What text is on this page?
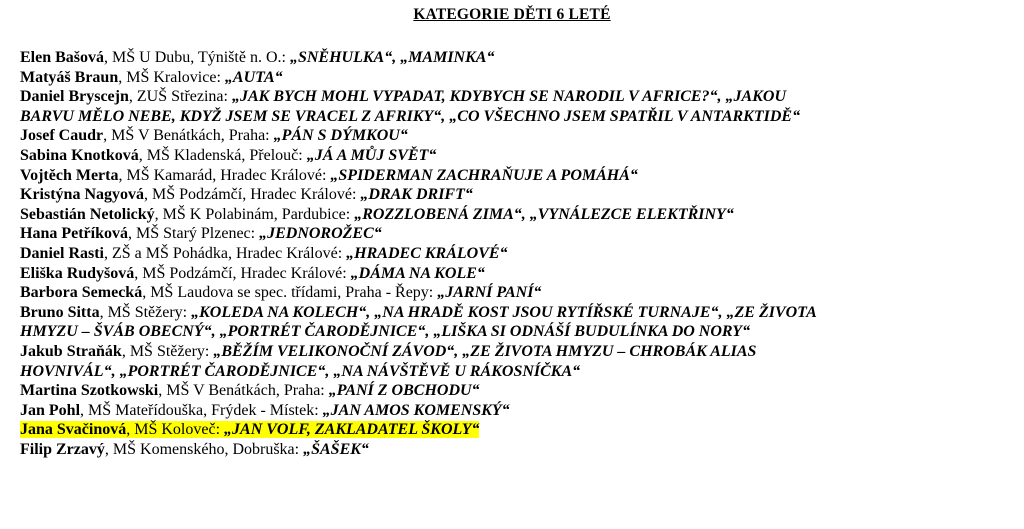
KATEGORIE DĚTI 6 LETÉ
Elen Bašová, MŠ U Dubu, Týniště n. O.: „SNĚHULKA“, „MAMINKA“
Matyáš Braun, MŠ Kralovice: „AUTA“
Daniel Bryscejn, ZUŠ Střezina: „JAK BYCH MOHL VYPADAT, KDYBYCH SE NARODIL V AFRICE?“, „JAKOU
BARVU MĚLO NEBE, KDYŽ JSEM SE VRACEL Z AFRIKY“, „CO VŠECHNO JSEM SPATŘIL V ANTARKTIDĚ“
Josef Caudr, MŠ V Benátkách, Praha: „PÁN S DÝMKOU“
Sabina Knotková, MŠ Kladenská, Přelouč: „JÁ A MŮJ SVĚT“
Vojtěch Merta, MŠ Kamarád, Hradec Králové: „SPIDERMAN ZACHRAŇUJE A POMÁHÁ“
Kristýna Nagyová, MŠ Podzámčí, Hradec Králové: „DRAK DRIFT“
Sebastián Netolický, MŠ K Polabinám, Pardubice: „ROZZLOBENÁ ZIMA“, „VYNÁLEZCE ELEKTŘINY“
Hana Petříková, MŠ Starý Plzenec: „JEDNOROŽEC“
Daniel Rasti, ZŠ a MŠ Pohádka, Hradec Králové: „HRADEC KRÁLOVÉ“
Eliška Rudyšová, MŠ Podzámčí, Hradec Králové: „DÁMA NA KOLE“
Barbora Semecká, MŠ Laudova se spec. třídami, Praha - Řepy: „JARNÍ PANÍ“
Bruno Sitta, MŠ Stěžery: „KOLEDA NA KOLECH“, „NA HRADĚ KOST JSOU RYTÍŘSKÉ TURNAJE“, „ZE ŽIVOTA
HMYZU – ŠVÁB OBECNÝ“, „PORTRÉT ČARODĚJNICE“, „LIŠKA SI ODNÁŠÍ BUDULÍNKA DO NORY“
Jakub Straňák, MŠ Stěžery: „BĚŽÍM VELIKONOČNÍ ZÁVOD“, „ZE ŽIVOTA HMYZU – CHROBÁK ALIAS
HOVNIVÁL“, „PORTRÉT ČARODĚJNICE“, „NA NÁVŠTĚVĚ U RÁKOSNÍČKA“
Martina Szotkowski, MŠ V Benátkách, Praha: „PANÍ Z OBCHODU“
Jan Pohl, MŠ Mateřídouška, Frýdek - Místek: „JAN AMOS KOMENSKÝ“
Jana Svačinová, MŠ Koloveč: „JAN VOLF, ZAKLADATEL ŠKOLY“
Filip Zrzavý, MŠ Komenského, Dobruška: „ŠAŠEK“
